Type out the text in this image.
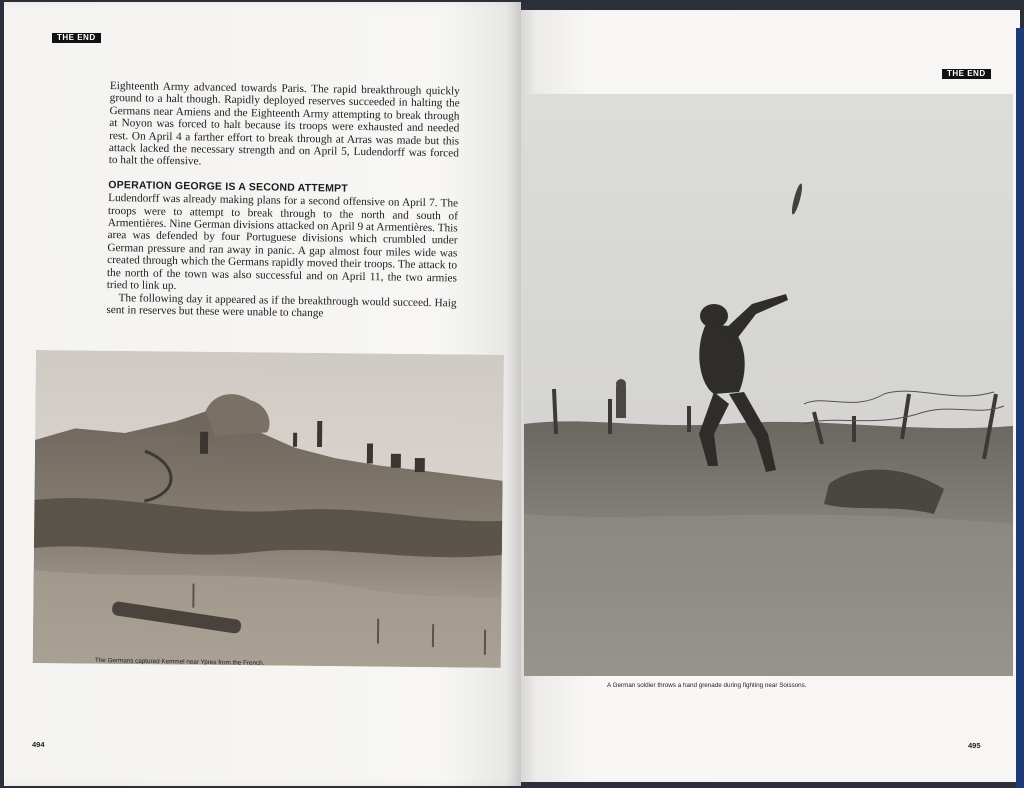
THE END
THE END

Eighteenth Army advanced towards Paris. The rapid breakthrough quickly ground to a halt though. Rapidly deployed reserves succeeded in halting the Germans near Amiens and the Eighteenth Army attempting to break through at Noyon was forced to halt because its troops were exhausted and needed rest. On April 4 a farther effort to break through at Arras was made but this attack lacked the necessary strength and on April 5, Ludendorff was forced to halt the offensive.

OPERATION GEORGE IS A SECOND ATTEMPT

Ludendorff was already making plans for a second offensive on April 7. The troops were to attempt to break through to the north and south of Armentières. Nine German divisions attacked on April 9 at Armentières. This area was defended by four Portuguese divisions which crumbled under German pressure and ran away in panic. A gap almost four miles wide was created through which the Germans rapidly moved their troops. The attack to the north of the town was also successful and on April 11, the two armies tried to link up.

The following day it appeared as if the breakthrough would succeed. Haig sent in reserves but these were unable to change

The Germans captured Kemmel near Ypres from the French.
A German soldier throws a hand grenade during fighting near Soissons.
494	495
